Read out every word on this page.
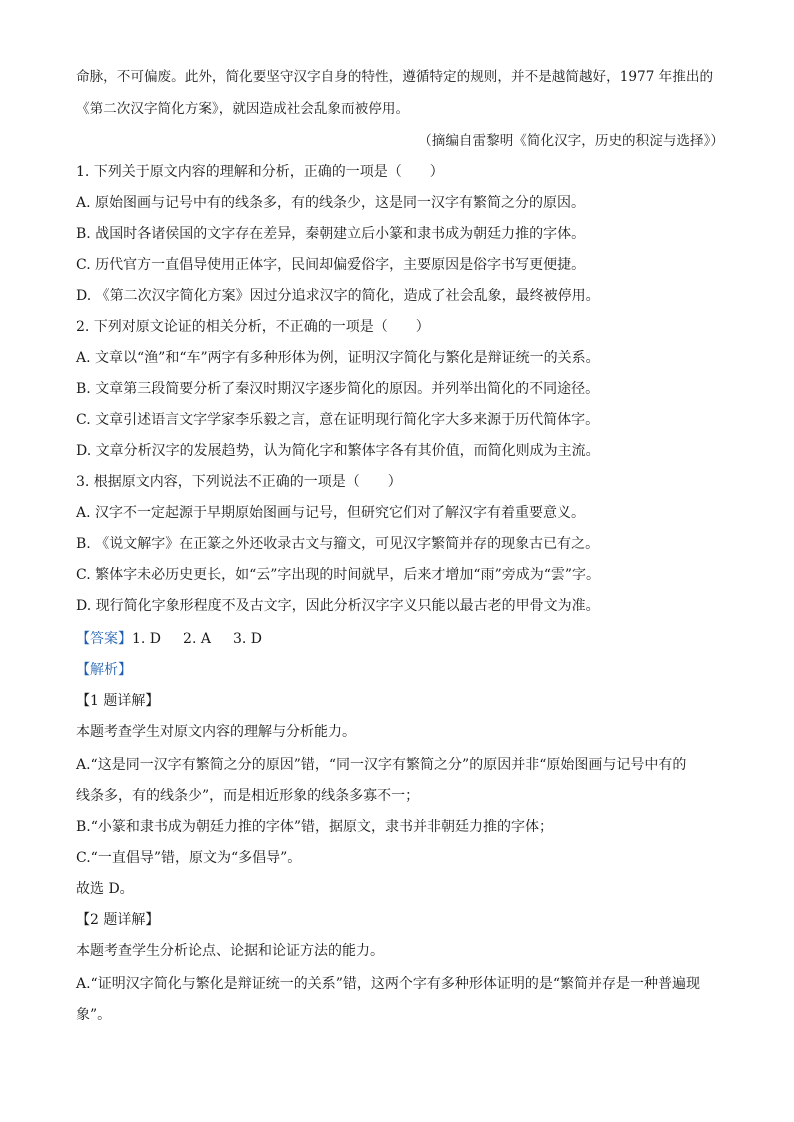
命脉，不可偏废。此外，简化要坚守汉字自身的特性，遵循特定的规则，并不是越简越好，1977 年推出的
《第二次汉字简化方案》，就因造成社会乱象而被停用。
（摘编自雷黎明《简化汉字，历史的积淀与选择》）
1. 下列关于原文内容的理解和分析，正确的一项是（　　）
A. 原始图画与记号中有的线条多，有的线条少，这是同一汉字有繁简之分的原因。
B. 战国时各诸侯国的文字存在差异，秦朝建立后小篆和隶书成为朝廷力推的字体。
C. 历代官方一直倡导使用正体字，民间却偏爱俗字，主要原因是俗字书写更便捷。
D. 《第二次汉字简化方案》因过分追求汉字的简化，造成了社会乱象，最终被停用。
2. 下列对原文论证的相关分析，不正确的一项是（　　）
A. 文章以“渔”和“车”两字有多种形体为例，证明汉字简化与繁化是辩证统一的关系。
B. 文章第三段简要分析了秦汉时期汉字逐步简化的原因。并列举出简化的不同途径。
C. 文章引述语言文字学家李乐毅之言，意在证明现行简化字大多来源于历代简体字。
D. 文章分析汉字的发展趋势，认为简化字和繁体字各有其价值，而简化则成为主流。
3. 根据原文内容，下列说法不正确的一项是（　　）
A. 汉字不一定起源于早期原始图画与记号，但研究它们对了解汉字有着重要意义。
B. 《说文解字》在正篆之外还收录古文与籀文，可见汉字繁简并存的现象古已有之。
C. 繁体字未必历史更长，如“云”字出现的时间就早，后来才增加“雨”旁成为“雲”字。
D. 现行简化字象形程度不及古文字，因此分析汉字字义只能以最古老的甲骨文为准。
【答案】1. D 2. A 3. D
【解析】
【1 题详解】
本题考查学生对原文内容的理解与分析能力。
A.“这是同一汉字有繁简之分的原因”错，“同一汉字有繁简之分”的原因并非“原始图画与记号中有的
线条多，有的线条少”，而是相近形象的线条多寡不一；
B.“小篆和隶书成为朝廷力推的字体”错，据原文，隶书并非朝廷力推的字体；
C.“一直倡导”错，原文为“多倡导”。
故选 D。
【2 题详解】
本题考查学生分析论点、论据和论证方法的能力。
A.“证明汉字简化与繁化是辩证统一的关系”错，这两个字有多种形体证明的是“繁简并存是一种普遍现
象”。
